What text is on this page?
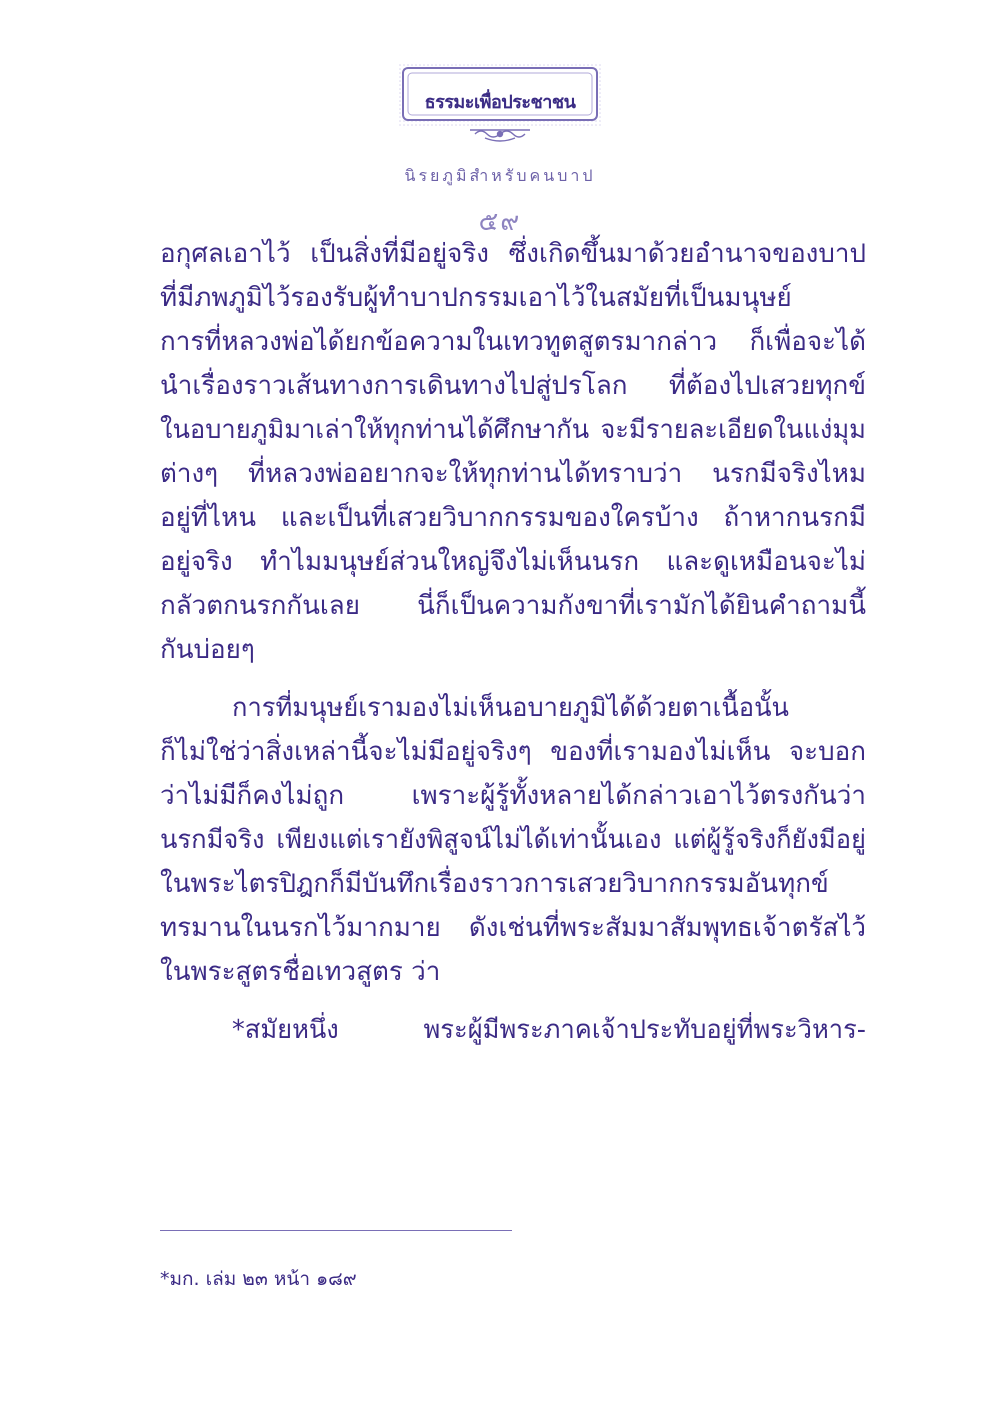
ธรรมะเพื่อประชาชน
นิรยภูมิสำหรับคนบาป
๕๙
อกุศลเอาไว้ เป็นสิ่งที่มีอยู่จริง ซึ่งเกิดขึ้นมาด้วยอำนาจของบาป
ที่มีภพภูมิไว้รองรับผู้ทำบาปกรรมเอาไว้ในสมัยที่เป็นมนุษย์
การที่หลวงพ่อได้ยกข้อความในเทวทูตสูตรมากล่าว ก็เพื่อจะได้
นำเรื่องราวเส้นทางการเดินทางไปสู่ปรโลก ที่ต้องไปเสวยทุกข์
ในอบายภูมิมาเล่าให้ทุกท่านได้ศึกษากัน จะมีรายละเอียดในแง่มุม
ต่างๆ ที่หลวงพ่ออยากจะให้ทุกท่านได้ทราบว่า นรกมีจริงไหม
อยู่ที่ไหน และเป็นที่เสวยวิบากกรรมของใครบ้าง ถ้าหากนรกมี
อยู่จริง ทำไมมนุษย์ส่วนใหญ่จึงไม่เห็นนรก และดูเหมือนจะไม่
กลัวตกนรกกันเลย นี่ก็เป็นความกังขาที่เรามักได้ยินคำถามนี้
กันบ่อยๆ
การที่มนุษย์เรามองไม่เห็นอบายภูมิได้ด้วยตาเนื้อนั้น
ก็ไม่ใช่ว่าสิ่งเหล่านี้จะไม่มีอยู่จริงๆ ของที่เรามองไม่เห็น จะบอก
ว่าไม่มีก็คงไม่ถูก เพราะผู้รู้ทั้งหลายได้กล่าวเอาไว้ตรงกันว่า
นรกมีจริง เพียงแต่เรายังพิสูจน์ไม่ได้เท่านั้นเอง แต่ผู้รู้จริงก็ยังมีอยู่
ในพระไตรปิฎกก็มีบันทึกเรื่องราวการเสวยวิบากกรรมอันทุกข์
ทรมานในนรกไว้มากมาย ดังเช่นที่พระสัมมาสัมพุทธเจ้าตรัสไว้
ในพระสูตรชื่อเทวสูตร ว่า
*สมัยหนึ่ง พระผู้มีพระภาคเจ้าประทับอยู่ที่พระวิหาร-
*มก. เล่ม ๒๓ หน้า ๑๘๙
